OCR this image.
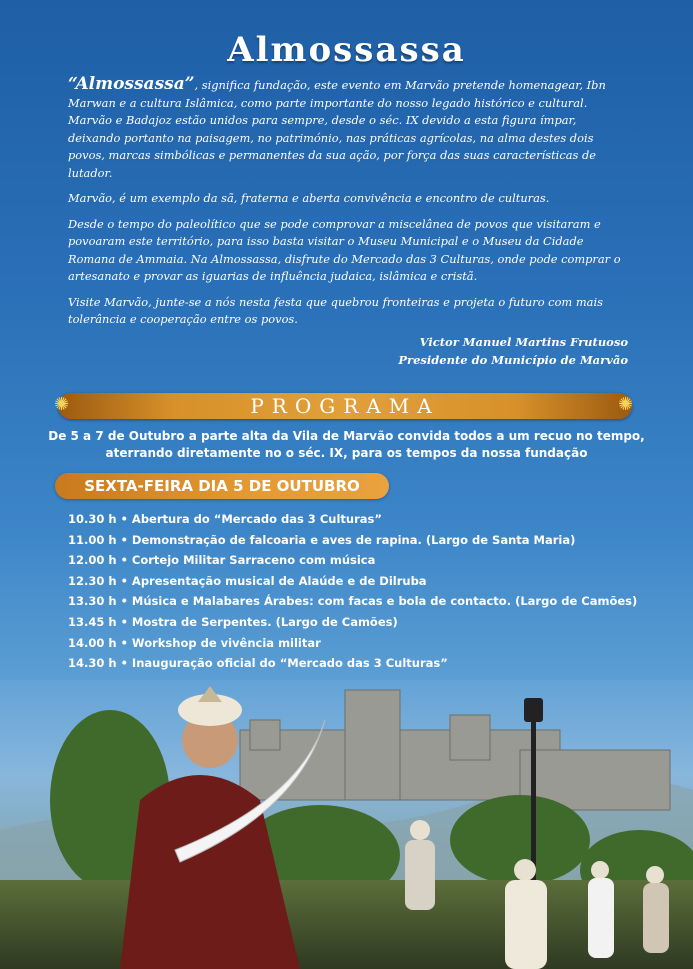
Almossassa

“Almossassa”, significa fundação, este evento em Marvão pretende homenagear, Ibn Marwan e a cultura Islâmica, como parte importante do nosso legado histórico e cultural. Marvão e Badajoz estão unidos para sempre, desde o séc. IX devido a esta figura ímpar, deixando portanto na paisagem, no património, nas práticas agrícolas, na alma destes dois povos, marcas simbólicas e permanentes da sua ação, por força das suas características de lutador.

Marvão, é um exemplo da sã, fraterna e aberta convivência e encontro de culturas.

Desde o tempo do paleolítico que se pode comprovar a miscelânea de povos que visitaram e povoaram este território, para isso basta visitar o Museu Municipal e o Museu da Cidade Romana de Ammaia. Na Almossassa, disfrute do Mercado das 3 Culturas, onde pode comprar o artesanato e provar as iguarias de influência judaica, islâmica e cristã.

Visite Marvão, junte-se a nós nesta festa que quebrou fronteiras e projeta o futuro com mais tolerância e cooperação entre os povos.

Victor Manuel Martins Frutuoso
Presidente do Município de Marvão
✺	PROGRAMA	✺
De 5 a 7 de Outubro a parte alta da Vila de Marvão convida todos a um recuo no tempo,
aterrando diretamente no o séc. IX, para os tempos da nossa fundação
SEXTA-FEIRA DIA 5 DE OUTUBRO
10.30 h • Abertura do “Mercado das 3 Culturas”
11.00 h • Demonstração de falcoaria e aves de rapina. (Largo de Santa Maria)
12.00 h • Cortejo Militar Sarraceno com música
12.30 h • Apresentação musical de Alaúde e de Dilruba
13.30 h • Música e Malabares Árabes: com facas e bola de contacto. (Largo de Camões)
13.45 h • Mostra de Serpentes. (Largo de Camões)
14.00 h • Workshop de vivência militar
14.30 h • Inauguração oficial do “Mercado das 3 Culturas”
